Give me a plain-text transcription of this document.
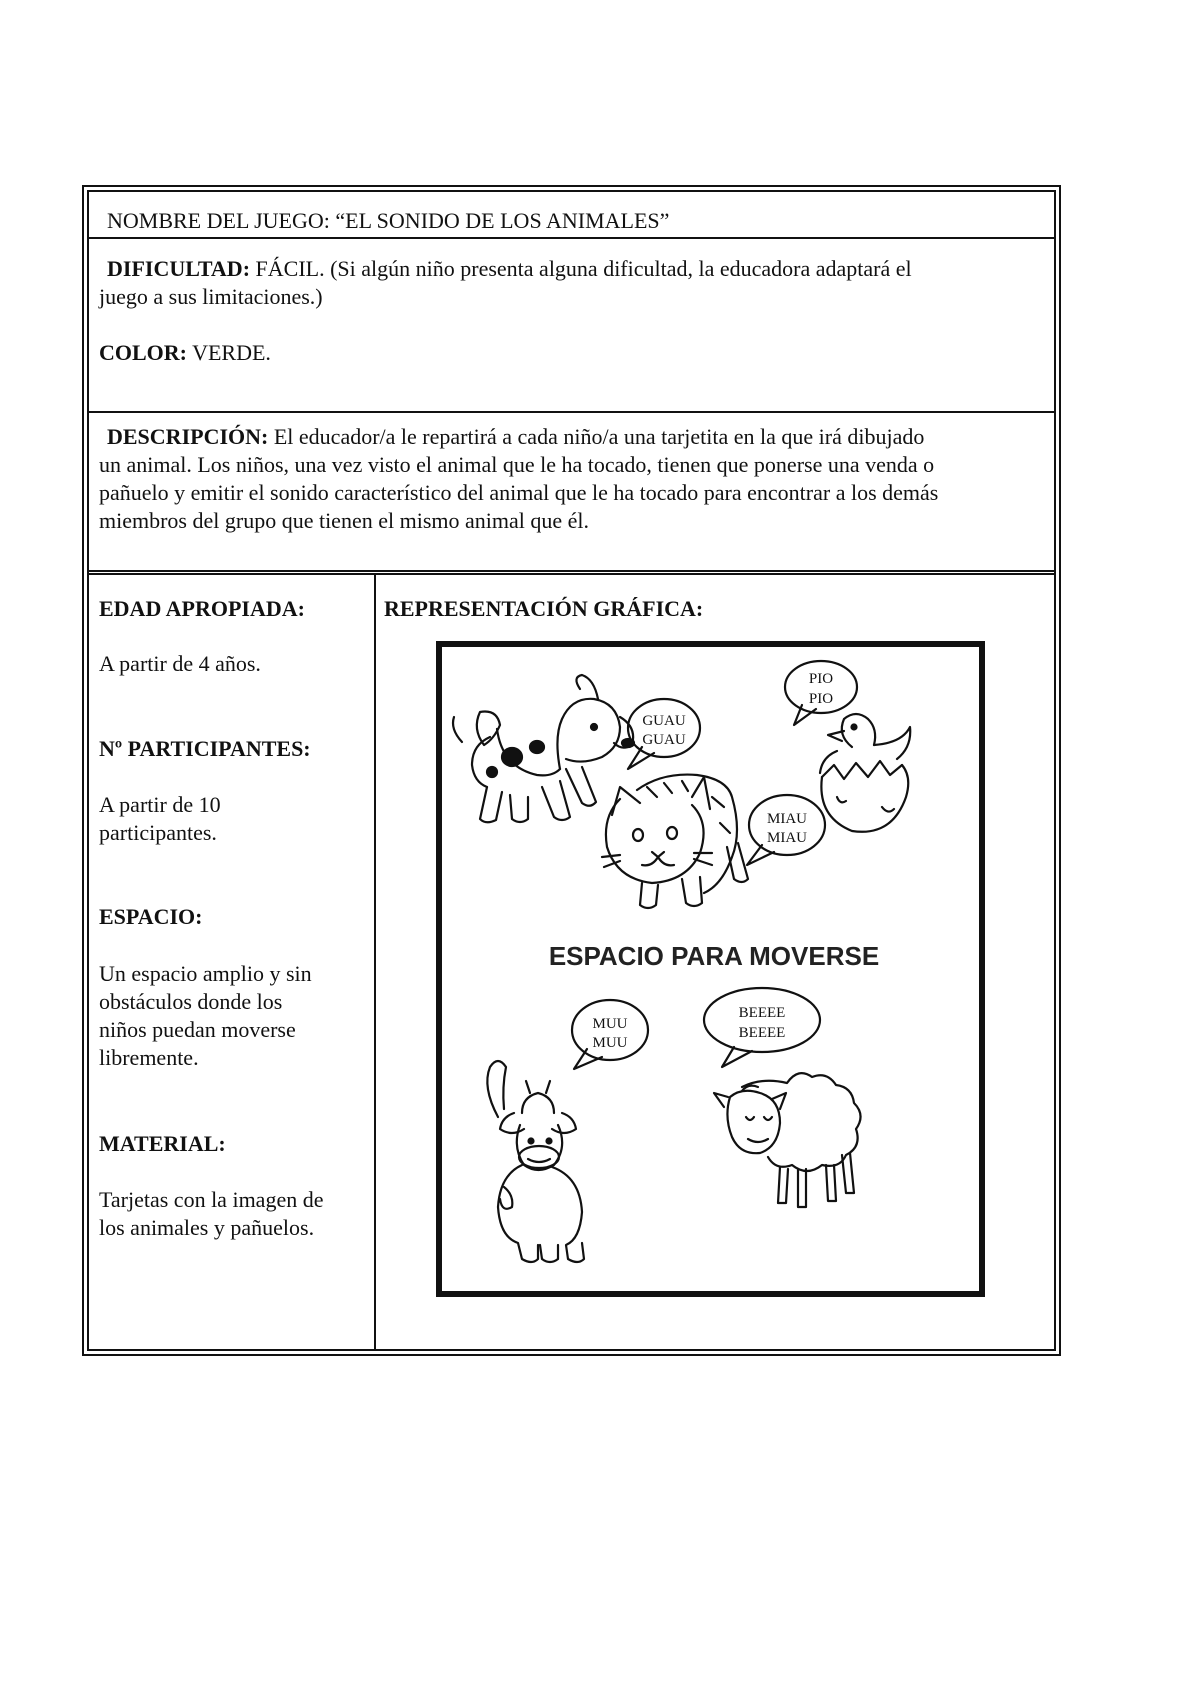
NOMBRE DEL JUEGO: “EL SONIDO DE LOS ANIMALES”
DIFICULTAD: FÁCIL. (Si algún niño presenta alguna dificultad, la educadora adaptará el
juego a sus limitaciones.)
COLOR: VERDE.
DESCRIPCIÓN: El educador/a le repartirá a cada niño/a una tarjetita en la que irá dibujado
un animal. Los niños, una vez visto el animal que le ha tocado, tienen que ponerse una venda o
pañuelo y emitir el sonido característico del animal que le ha tocado para encontrar a los demás
miembros del grupo que tienen el mismo animal que él.
EDAD APROPIADA:
A partir de 4 años.
Nº PARTICIPANTES:
A partir de 10
participantes.
ESPACIO:
Un espacio amplio y sin
obstáculos donde los
niños puedan moverse
libremente.
MATERIAL:
Tarjetas con la imagen de
los animales y pañuelos.
REPRESENTACIÓN GRÁFICA:
GUAU
GUAU
PIO
PIO
MIAU
MIAU
MUU
MUU
BEEEE
BEEEE
ESPACIO PARA MOVERSE
